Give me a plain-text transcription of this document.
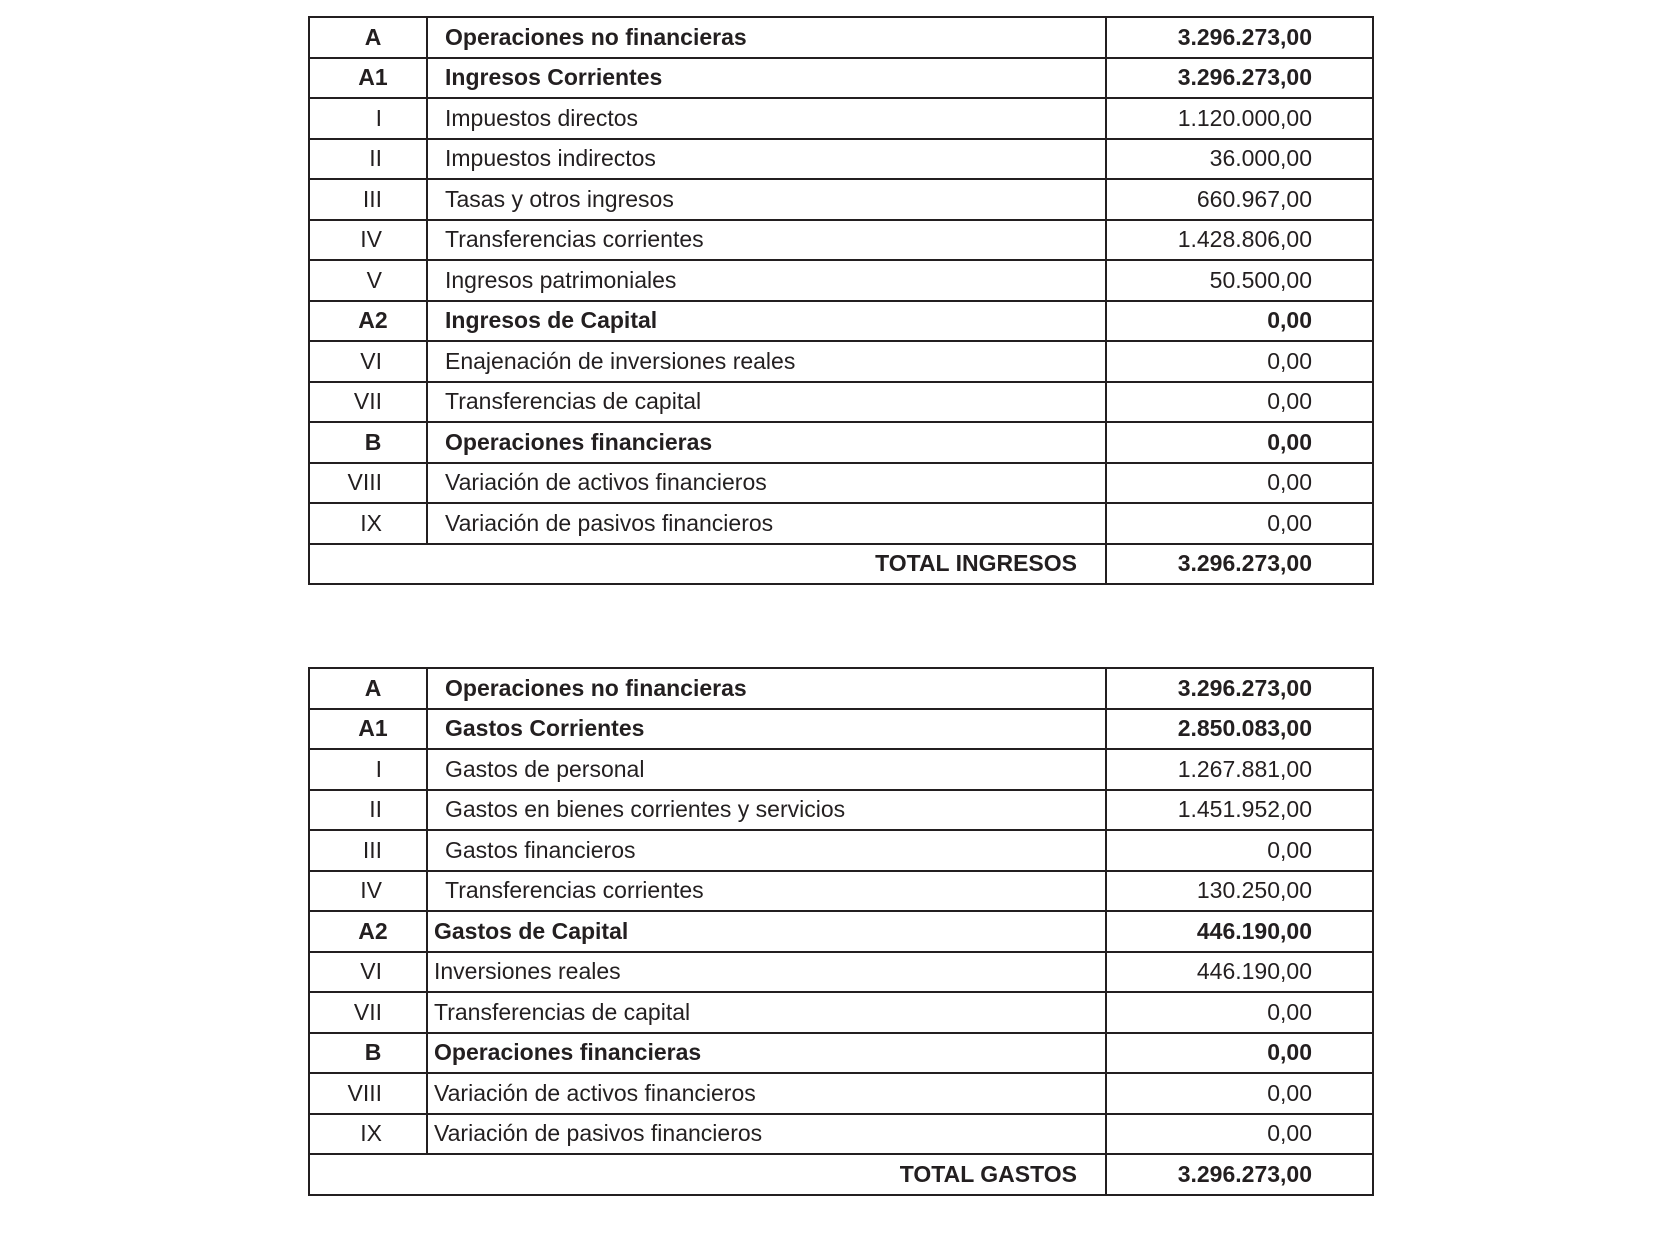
A	Operaciones no financieras	3.296.273,00
A1	Ingresos Corrientes	3.296.273,00
I	Impuestos directos	1.120.000,00
II	Impuestos indirectos	36.000,00
III	Tasas y otros ingresos	660.967,00
IV	Transferencias corrientes	1.428.806,00
V	Ingresos patrimoniales	50.500,00
A2	Ingresos de Capital	0,00
VI	Enajenación de inversiones reales	0,00
VII	Transferencias de capital	0,00
B	Operaciones financieras	0,00
VIII	Variación de activos financieros	0,00
IX	Variación de pasivos financieros	0,00
TOTAL INGRESOS		3.296.273,00
A	Operaciones no financieras	3.296.273,00
A1	Gastos Corrientes	2.850.083,00
I	Gastos de personal	1.267.881,00
II	Gastos en bienes corrientes y servicios	1.451.952,00
III	Gastos financieros	0,00
IV	Transferencias corrientes	130.250,00
A2	Gastos de Capital	446.190,00
VI	Inversiones reales	446.190,00
VII	Transferencias de capital	0,00
B	Operaciones financieras	0,00
VIII	Variación de activos financieros	0,00
IX	Variación de pasivos financieros	0,00
TOTAL GASTOS		3.296.273,00
